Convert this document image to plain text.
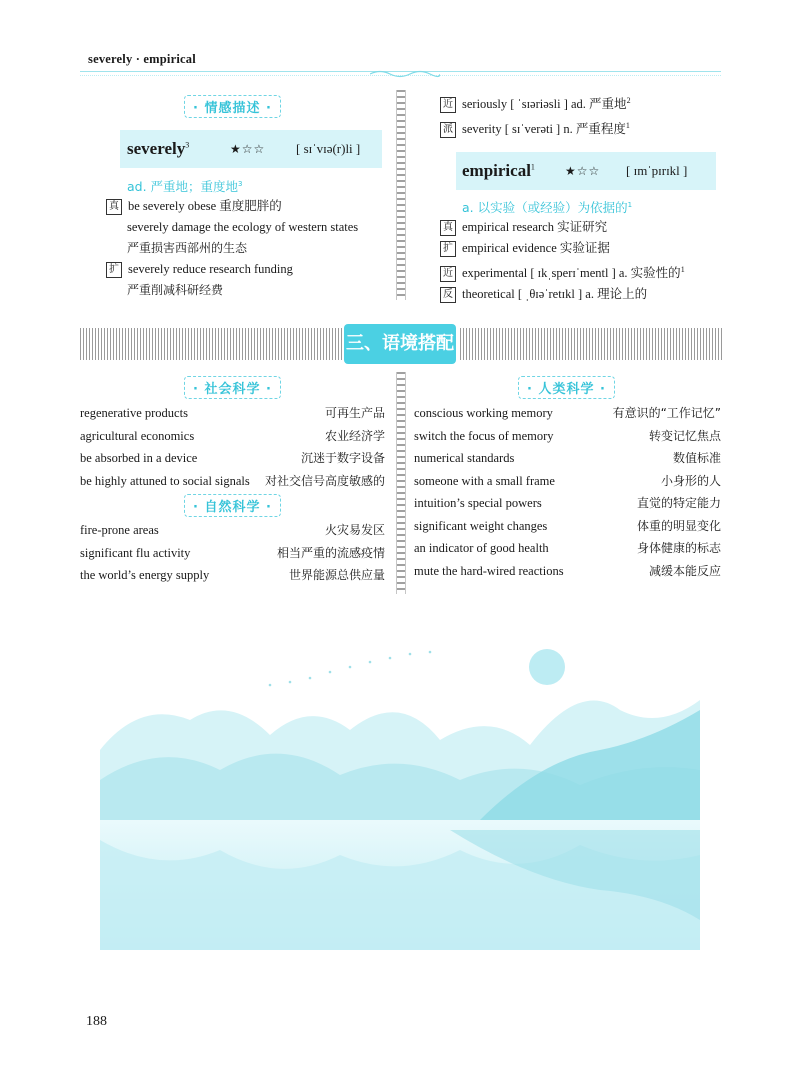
severely · empirical
· 情感描述 ·
severely$^3$	★☆☆ [ sɪˈvɪə(r)li ]
ad. 严重地；重度地$^3$
真 be severely obese 重度肥胖的
severely damage the ecology of western states
严重损害西部州的生态
扩 severely reduce research funding
严重削减科研经费
近 seriously [ ˈsɪəriəsli ] ad. 严重地$^2$
派 severity [ sɪˈverəti ] n. 严重程度$^1$
empirical$^1$	★☆☆ [ ɪmˈpɪrɪkl ]
a. 以实验（或经验）为依据的$^1$
真 empirical research 实证研究
扩 empirical evidence 实验证据
近 experimental [ ɪkˌsperɪˈmentl ] a. 实验性的$^1$
反 theoretical [ ˌθɪəˈretɪkl ] a. 理论上的
三、语境搭配
· 社会科学 ·
regenerative products	可再生产品
agricultural economics	农业经济学
be absorbed in a device	沉迷于数字设备
be highly attuned to social signals 对社交信号高度敏感的
· 自然科学 ·
fire-prone areas	火灾易发区
significant flu activity	相当严重的流感疫情
the world’s energy supply	世界能源总供应量
· 人类科学 ·
conscious working memory	有意识的“工作记忆”
switch the focus of memory	转变记忆焦点
numerical standards	数值标准
someone with a small frame	小身形的人
intuition’s special powers	直觉的特定能力
significant weight changes	体重的明显变化
an indicator of good health	身体健康的标志
mute the hard-wired reactions	减缓本能反应
188
